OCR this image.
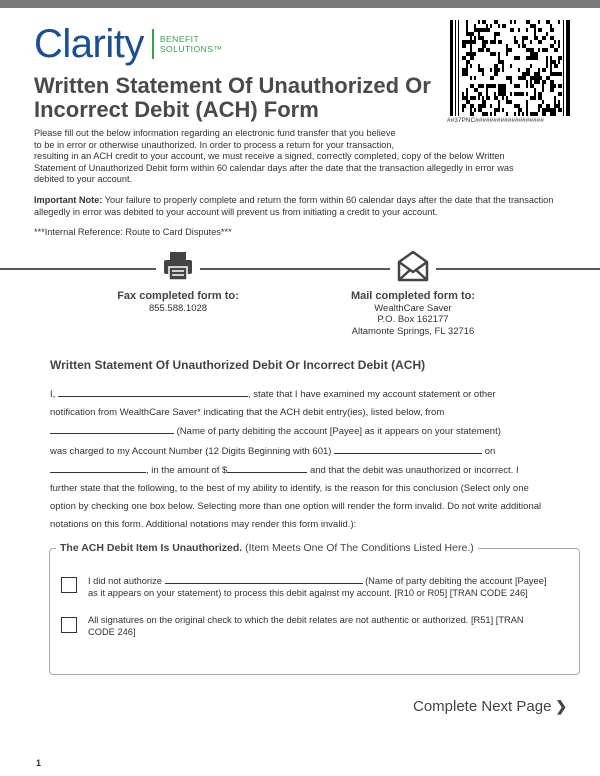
Clarity BENEFIT
SOLUTIONS™
##37PNC###################
Written Statement Of Unauthorized Or Incorrect Debit (ACH) Form

Please fill out the below information regarding an electronic fund transfer that you believe

to be in error or otherwise unauthorized. In order to process a return for your transaction,

resulting in an ACH credit to your account, we must receive a signed, correctly completed, copy of the below Written

Statement of Unauthorized Debit form within 60 calendar days after the date that the transaction allegedly in error was

debited to your account.

Important Note: Your failure to properly complete and return the form within 60 calendar days after the date that the transaction allegedly in error was debited to your account will prevent us from initiating a credit to your account.
***Internal Reference: Route to Card Disputes***
Fax completed form to:
855.588.1028
Mail completed form to:
WealthCare Saver
P.O. Box 162177
Altamonte Springs, FL 32716
Written Statement Of Unauthorized Debit Or Incorrect Debit (ACH)
I,	, state that I have examined my account statement or other
notification from WealthCare Saver* indicating that the ACH debit entry(ies), listed below, from
(Name of party debiting the account [Payee] as it appears on your statement)
was charged to my Account Number (12 Digits Beginning with 601)	on
, in the amount of $	and that the debit was unauthorized or incorrect. I
further state that the following, to the best of my ability to identify, is the reason for this conclusion (Select only one
option by checking one box below. Selecting more than one option will render the form invalid. Do not write additional
notations on this form. Additional notations may render this form invalid.):
The ACH Debit Item Is Unauthorized. (Item Meets One Of The Conditions Listed Here.)
I did not authorize	(Name of party debiting the account [Payee]
as it appears on your statement) to process this debit against my account. [R10 or R05] [TRAN CODE 246]
All signatures on the original check to which the debit relates are not authentic or authorized. [R51] [TRAN
CODE 246]
Complete Next Page ❯
1
